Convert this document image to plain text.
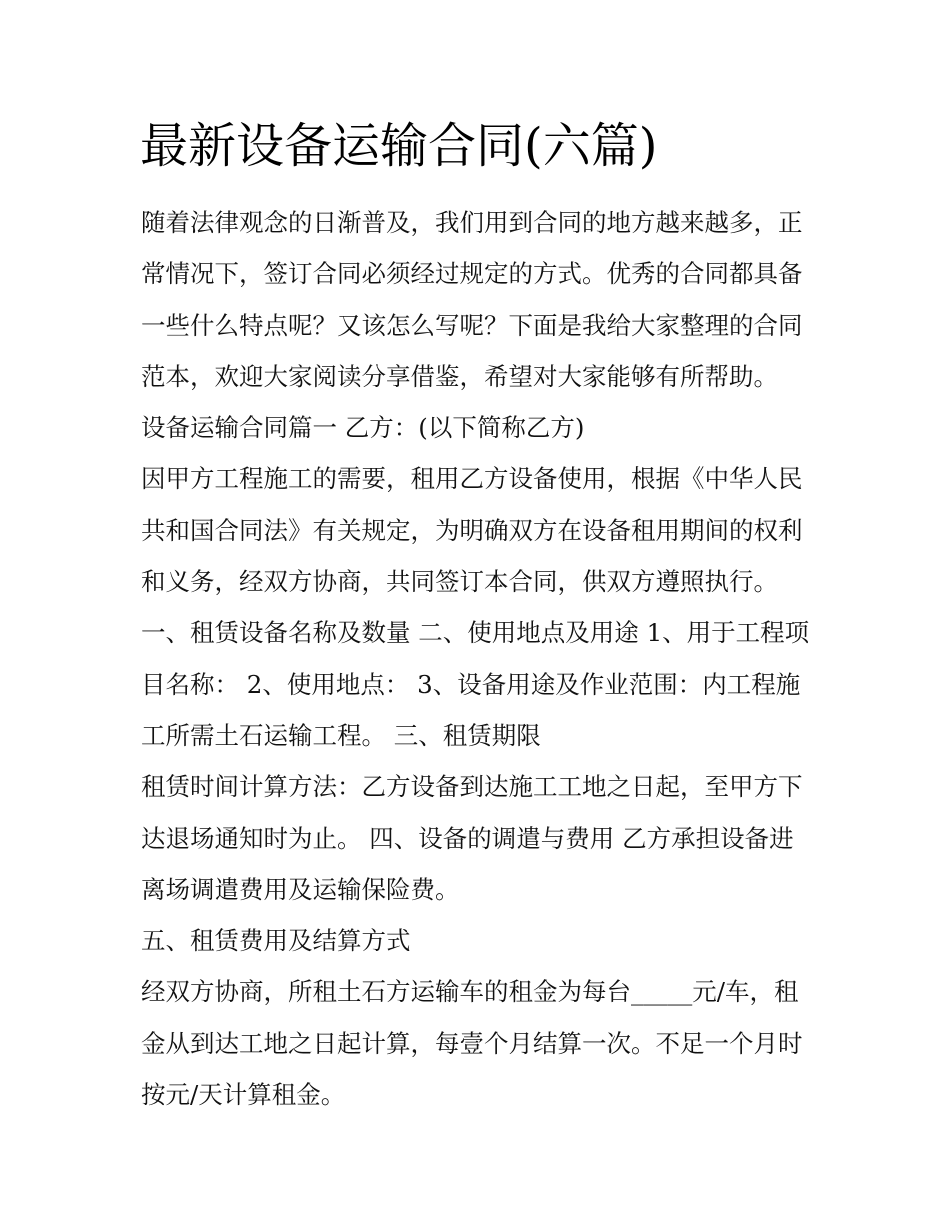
最新设备运输合同(六篇)

随着法律观念的日渐普及，我们用到合同的地方越来越多，正

常情况下，签订合同必须经过规定的方式。优秀的合同都具备

一些什么特点呢？又该怎么写呢？下面是我给大家整理的合同

范本，欢迎大家阅读分享借鉴，希望对大家能够有所帮助。

设备运输合同篇一 乙方：(以下简称乙方)

因甲方工程施工的需要，租用乙方设备使用，根据《中华人民

共和国合同法》有关规定，为明确双方在设备租用期间的权利

和义务，经双方协商，共同签订本合同，供双方遵照执行。

一、租赁设备名称及数量 二、使用地点及用途 1、用于工程项

目名称： 2、使用地点： 3、设备用途及作业范围：内工程施

工所需土石运输工程。 三、租赁期限

租赁时间计算方法：乙方设备到达施工工地之日起，至甲方下

达退场通知时为止。 四、设备的调遣与费用 乙方承担设备进

离场调遣费用及运输保险费。

五、租赁费用及结算方式

经双方协商，所租土石方运输车的租金为每台_____元/车，租

金从到达工地之日起计算，每壹个月结算一次。不足一个月时

按元/天计算租金。
